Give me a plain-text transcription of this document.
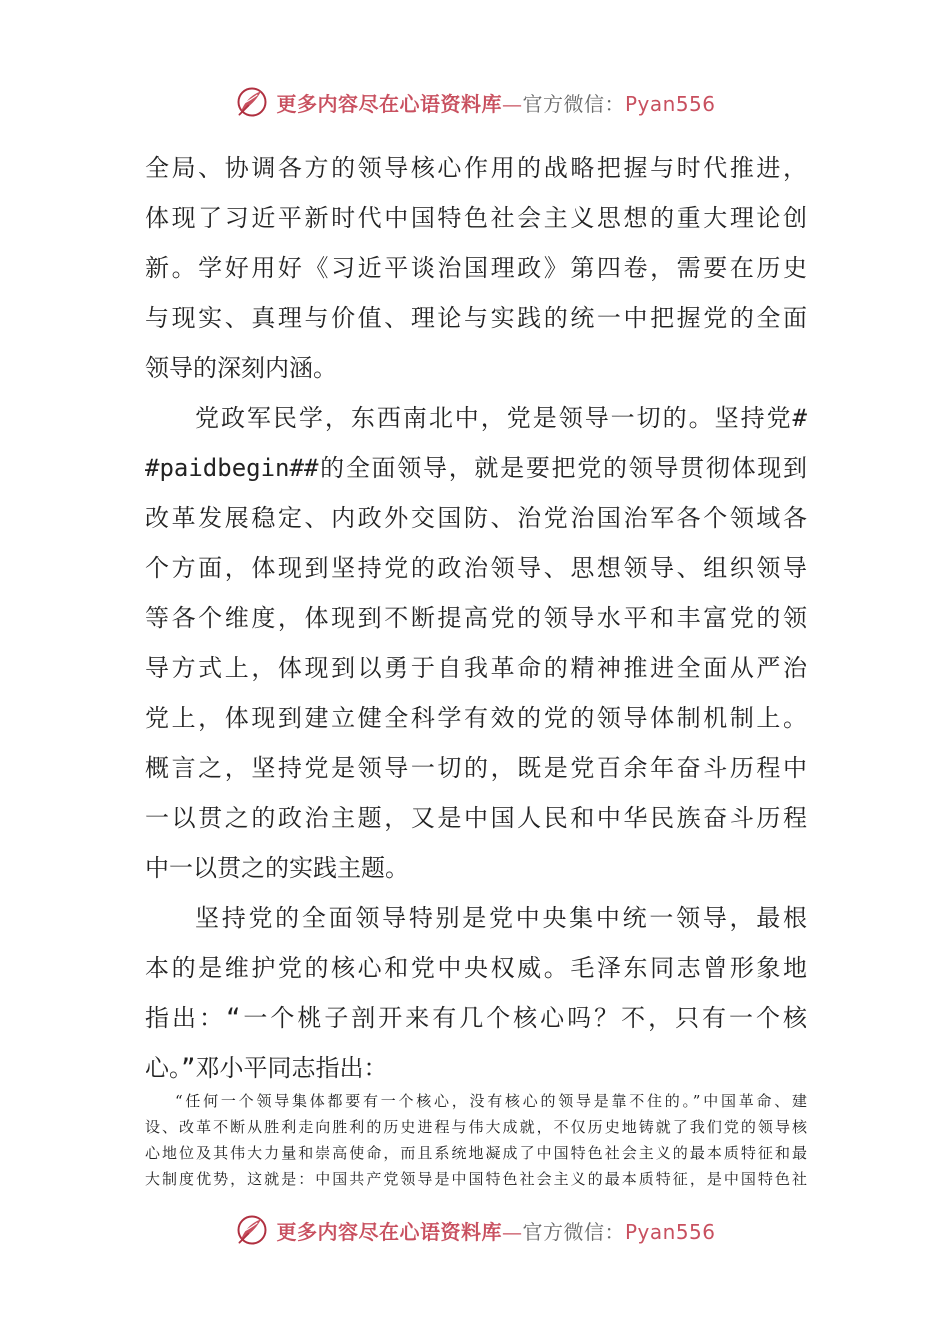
更多内容尽在心语资料库—官方微信：Pyan556
全局、协调各方的领导核心作用的战略把握与时代推进，
体现了习近平新时代中国特色社会主义思想的重大理论创
新。学好用好《习近平谈治国理政》第四卷，需要在历史
与现实、真理与价值、理论与实践的统一中把握党的全面
领导的深刻内涵。
党政军民学，东西南北中，党是领导一切的。坚持党#
#paidbegin##的全面领导，就是要把党的领导贯彻体现到
改革发展稳定、内政外交国防、治党治国治军各个领域各
个方面，体现到坚持党的政治领导、思想领导、组织领导
等各个维度，体现到不断提高党的领导水平和丰富党的领
导方式上，体现到以勇于自我革命的精神推进全面从严治
党上，体现到建立健全科学有效的党的领导体制机制上。
概言之，坚持党是领导一切的，既是党百余年奋斗历程中
一以贯之的政治主题，又是中国人民和中华民族奋斗历程
中一以贯之的实践主题。
坚持党的全面领导特别是党中央集中统一领导，最根
本的是维护党的核心和党中央权威。毛泽东同志曾形象地
指出：“一个桃子剖开来有几个核心吗？不，只有一个核
心。”邓小平同志指出：
“任何一个领导集体都要有一个核心，没有核心的领导是靠不住的。”中国革命、建
设、改革不断从胜利走向胜利的历史进程与伟大成就，不仅历史地铸就了我们党的领导核
心地位及其伟大力量和崇高使命，而且系统地凝成了中国特色社会主义的最本质特征和最
大制度优势，这就是：中国共产党领导是中国特色社会主义的最本质特征，是中国特色社
更多内容尽在心语资料库—官方微信：Pyan556
